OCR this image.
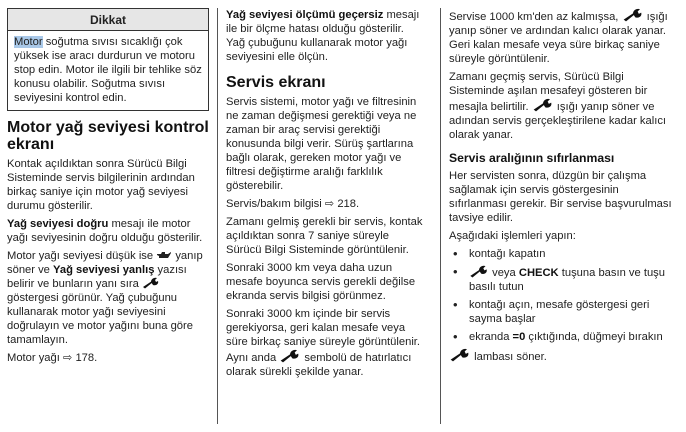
Dikkat
Motor soğutma sıvısı sıcaklığı çok yüksek ise aracı durdurun ve motoru stop edin. Motor ile ilgili bir tehlike söz konusu olabilir. Soğutma sıvısı seviyesini kontrol edin.
Motor yağ seviyesi kontrol ekranı

Kontak açıldıktan sonra Sürücü Bilgi Sisteminde servis bilgilerinin ardından birkaç saniye için motor yağ seviyesi durumu gösterilir.

Yağ seviyesi doğru mesajı ile motor yağı seviyesinin doğru olduğu gösterilir.

Motor yağı seviyesi düşük ise  yanıp söner ve Yağ seviyesi yanlış yazısı belirir ve bunların yanı sıra  göstergesi görünür. Yağ çubuğunu kullanarak motor yağı seviyesini doğrulayın ve motor yağını buna göre tamamlayın.

Motor yağı ⇨ 178.

Yağ seviyesi ölçümü geçersiz mesajı ile bir ölçme hatası olduğu gösterilir. Yağ çubuğunu kullanarak motor yağı seviyesini elle ölçün.

Servis ekranı

Servis sistemi, motor yağı ve filtresinin ne zaman değişmesi gerektiği veya ne zaman bir araç servisi gerektiği konusunda bilgi verir. Sürüş şartlarına bağlı olarak, gereken motor yağı ve filtresi değiştirme aralığı farklılık gösterebilir.

Servis/bakım bilgisi ⇨ 218.

Zamanı gelmiş gerekli bir servis, kontak açıldıktan sonra 7 saniye süreyle Sürücü Bilgi Sisteminde görüntülenir.

Sonraki 3000 km veya daha uzun mesafe boyunca servis gerekli değilse ekranda servis bilgisi görünmez.

Sonraki 3000 km içinde bir servis gerekiyorsa, geri kalan mesafe veya süre birkaç saniye süreyle görüntülenir. Aynı anda  sembolü de hatırlatıcı olarak sürekli şekilde yanar.

Servise 1000 km'den az kalmışsa,  ışığı yanıp söner ve ardından kalıcı olarak yanar. Geri kalan mesafe veya süre birkaç saniye süreyle görüntülenir.

Zamanı geçmiş servis, Sürücü Bilgi Sisteminde aşılan mesafeyi gösteren bir mesajla belirtilir.  ışığı yanıp söner ve adından servis gerçekleştirilene kadar kalıcı olarak yanar.

Servis aralığının sıfırlanması

Her servisten sonra, düzgün bir çalışma sağlamak için servis göstergesinin sıfırlanması gerekir. Bir servise başvurulması tavsiye edilir.

Aşağıdaki işlemleri yapın:

• kontağı kapatın
• veya CHECK tuşuna basın ve tuşu basılı tutun
• kontağı açın, mesafe göstergesi geri sayma başlar
• ekranda =0 çıktığında, düğmeyi bırakın

lambası söner.
